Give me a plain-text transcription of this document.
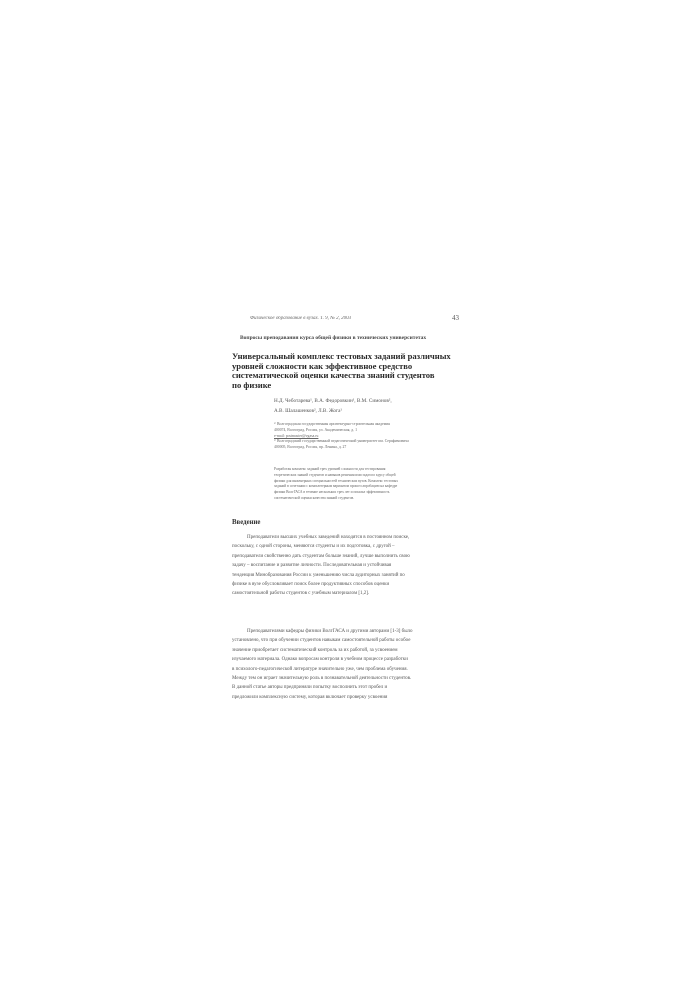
Физическое образование в вузах. Т. 9, № 2, 2003	43
Вопросы преподавания курса общей физики в технических университетах
Универсальный комплекс тестовых заданий различных
уровней сложности как эффективное средство
систематической оценки качества знаний студентов
по физике
Н.Д. Чеботарева¹, В.А. Федоровкин¹, В.М. Симонов²,
А.В. Шалашенков², Л.В. Жога¹
¹⁾ Волгоградская государственная архитектурно-строительная академия
400074, Волгоград, Россия, ул. Академическая, д. 1
e-mail: postmaster@vgasa.ru
²⁾ Волгоградский государственный педагогический университет им. Серафимовича
400005, Волгоград, Россия, пр. Ленина, д. 27
Разработан комплекс заданий трех уровней сложности для тестирования
теоретических знаний студентов и навыков решения ими задач по курсу общей
физики для инженерных специальностей технических вузов. Комплекс тестовых
заданий в сочетании с компьютерным вариантом прошел апробацию на кафедре
физики ВолгГАСА в течение нескольких трех лет и показал эффективность
систематической оценки качества знаний студентов.
Введение
Преподаватели высших учебных заведений находятся в постоянном поиске,
поскольку, с одной стороны, меняются студенты и их подготовка, с другой –
преподаватели свойственно дать студентам больше знаний, лучше выполнить свою
задачу – воспитание и развитие личности. Последовательная и устойчивая
тенденция Минобразования России к уменьшению числа аудиторных занятий по
физике в вузе обусловливает поиск более продуктивных способов оценки
самостоятельной работы студентов с учебным материалом [1,2].
Преподавателями кафедры физики ВолгГАСА и другими авторами [1-3] было
установлено, что при обучении студентов навыкам самостоятельной работы особое
значение приобретает систематический контроль за их работой, за усвоением
изучаемого материала. Однако вопросам контроля в учебном процессе разработки
в психолого-педагогической литературе значительно уже, чем проблема обучения.
Между тем он играет значительную роль в познавательной деятельности студентов.
В данной статье авторы предприняли попытку восполнить этот пробел и
предложили комплексную систему, которая включает проверку усвоения
